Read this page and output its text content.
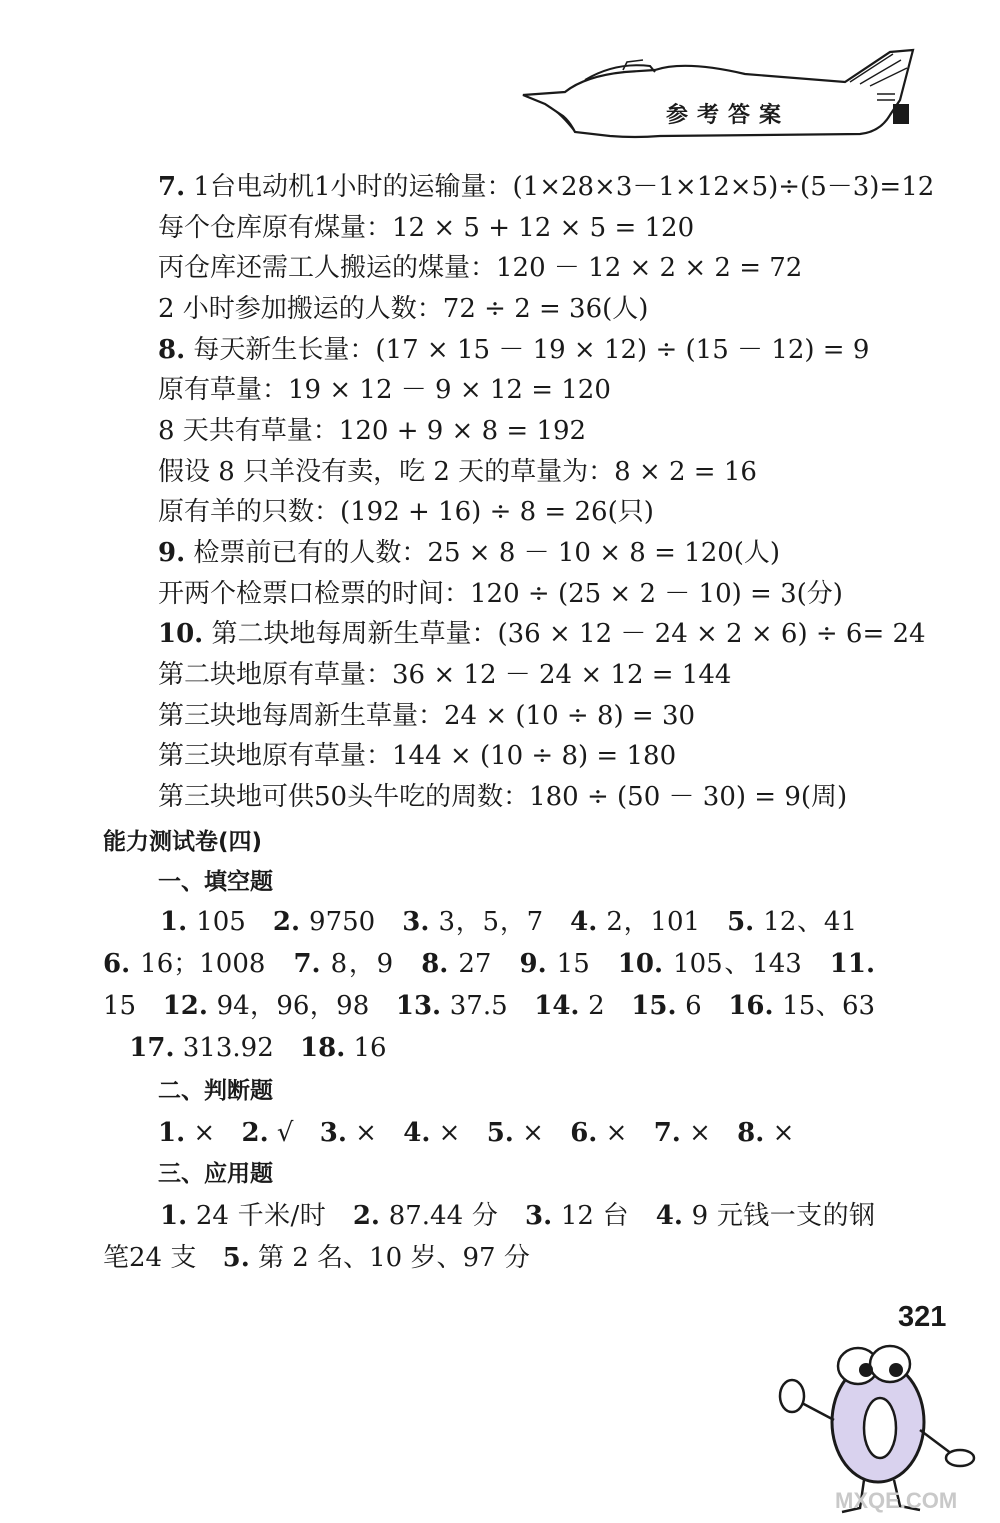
参考答案
7. 1台电动机1小时的运输量：(1×28×3－1×12×5)÷(5－3)=12
每个仓库原有煤量：12 × 5 + 12 × 5 = 120
丙仓库还需工人搬运的煤量：120 － 12 × 2 × 2 = 72
2 小时参加搬运的人数：72 ÷ 2 = 36(人)
8. 每天新生长量：(17 × 15 － 19 × 12) ÷ (15 － 12) = 9
原有草量：19 × 12 － 9 × 12 = 120
8 天共有草量：120 + 9 × 8 = 192
假设 8 只羊没有卖，吃 2 天的草量为：8 × 2 = 16
原有羊的只数：(192 + 16) ÷ 8 = 26(只)
9. 检票前已有的人数：25 × 8 － 10 × 8 = 120(人)
开两个检票口检票的时间：120 ÷ (25 × 2 － 10) = 3(分)
10. 第二块地每周新生草量：(36 × 12 － 24 × 2 × 6) ÷ 6= 24
第二块地原有草量：36 × 12 － 24 × 12 = 144
第三块地每周新生草量：24 × (10 ÷ 8) = 30
第三块地原有草量：144 × (10 ÷ 8) = 180
第三块地可供50头牛吃的周数：180 ÷ (50 － 30) = 9(周)
能力测试卷(四)
一、填空题
1. 105 2. 9750 3. 3，5，7 4. 2，101 5. 12、41 6. 16；1008 7. 8，9 8. 27 9. 15 10. 105、143 11. 15 12. 94，96，98 13. 37.5 14. 2 15. 6 16. 15、63 17. 313.92 18. 16
二、判断题
1. × 2. √ 3. × 4. × 5. × 6. × 7. × 8. ×
三、应用题
1. 24 千米/时 2. 87.44 分 3. 12 台 4. 9 元钱一支的钢笔24 支 5. 第 2 名、10 岁、97 分
321
MXQE.COM
